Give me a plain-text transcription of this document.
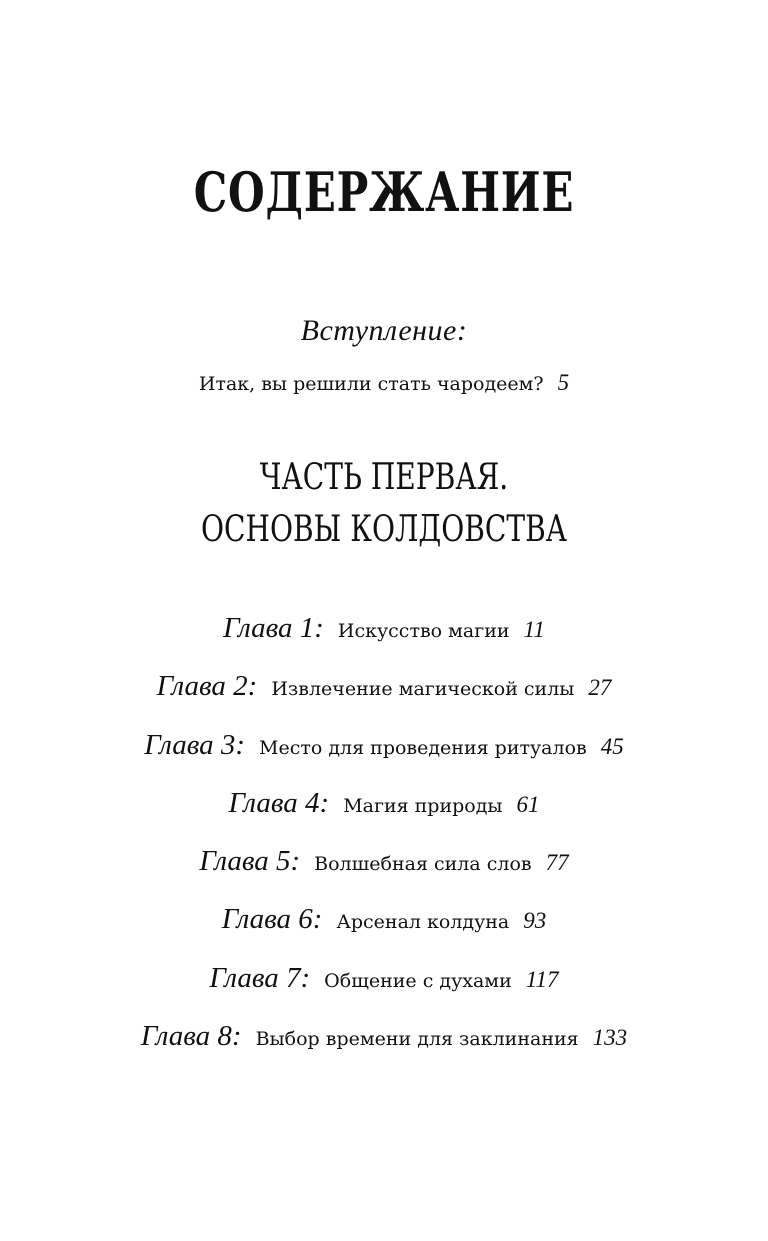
СОДЕРЖАНИЕ
Вступление:
Итак, вы решили стать чародеем? 5
ЧАСТЬ ПЕРВАЯ.
ОСНОВЫ КОЛДОВСТВА
Глава 1: Искусство магии 11
Глава 2: Извлечение магической силы 27
Глава 3: Место для проведения ритуалов 45
Глава 4: Магия природы 61
Глава 5: Волшебная сила слов 77
Глава 6: Арсенал колдуна 93
Глава 7: Общение с духами 117
Глава 8: Выбор времени для заклинания 133
